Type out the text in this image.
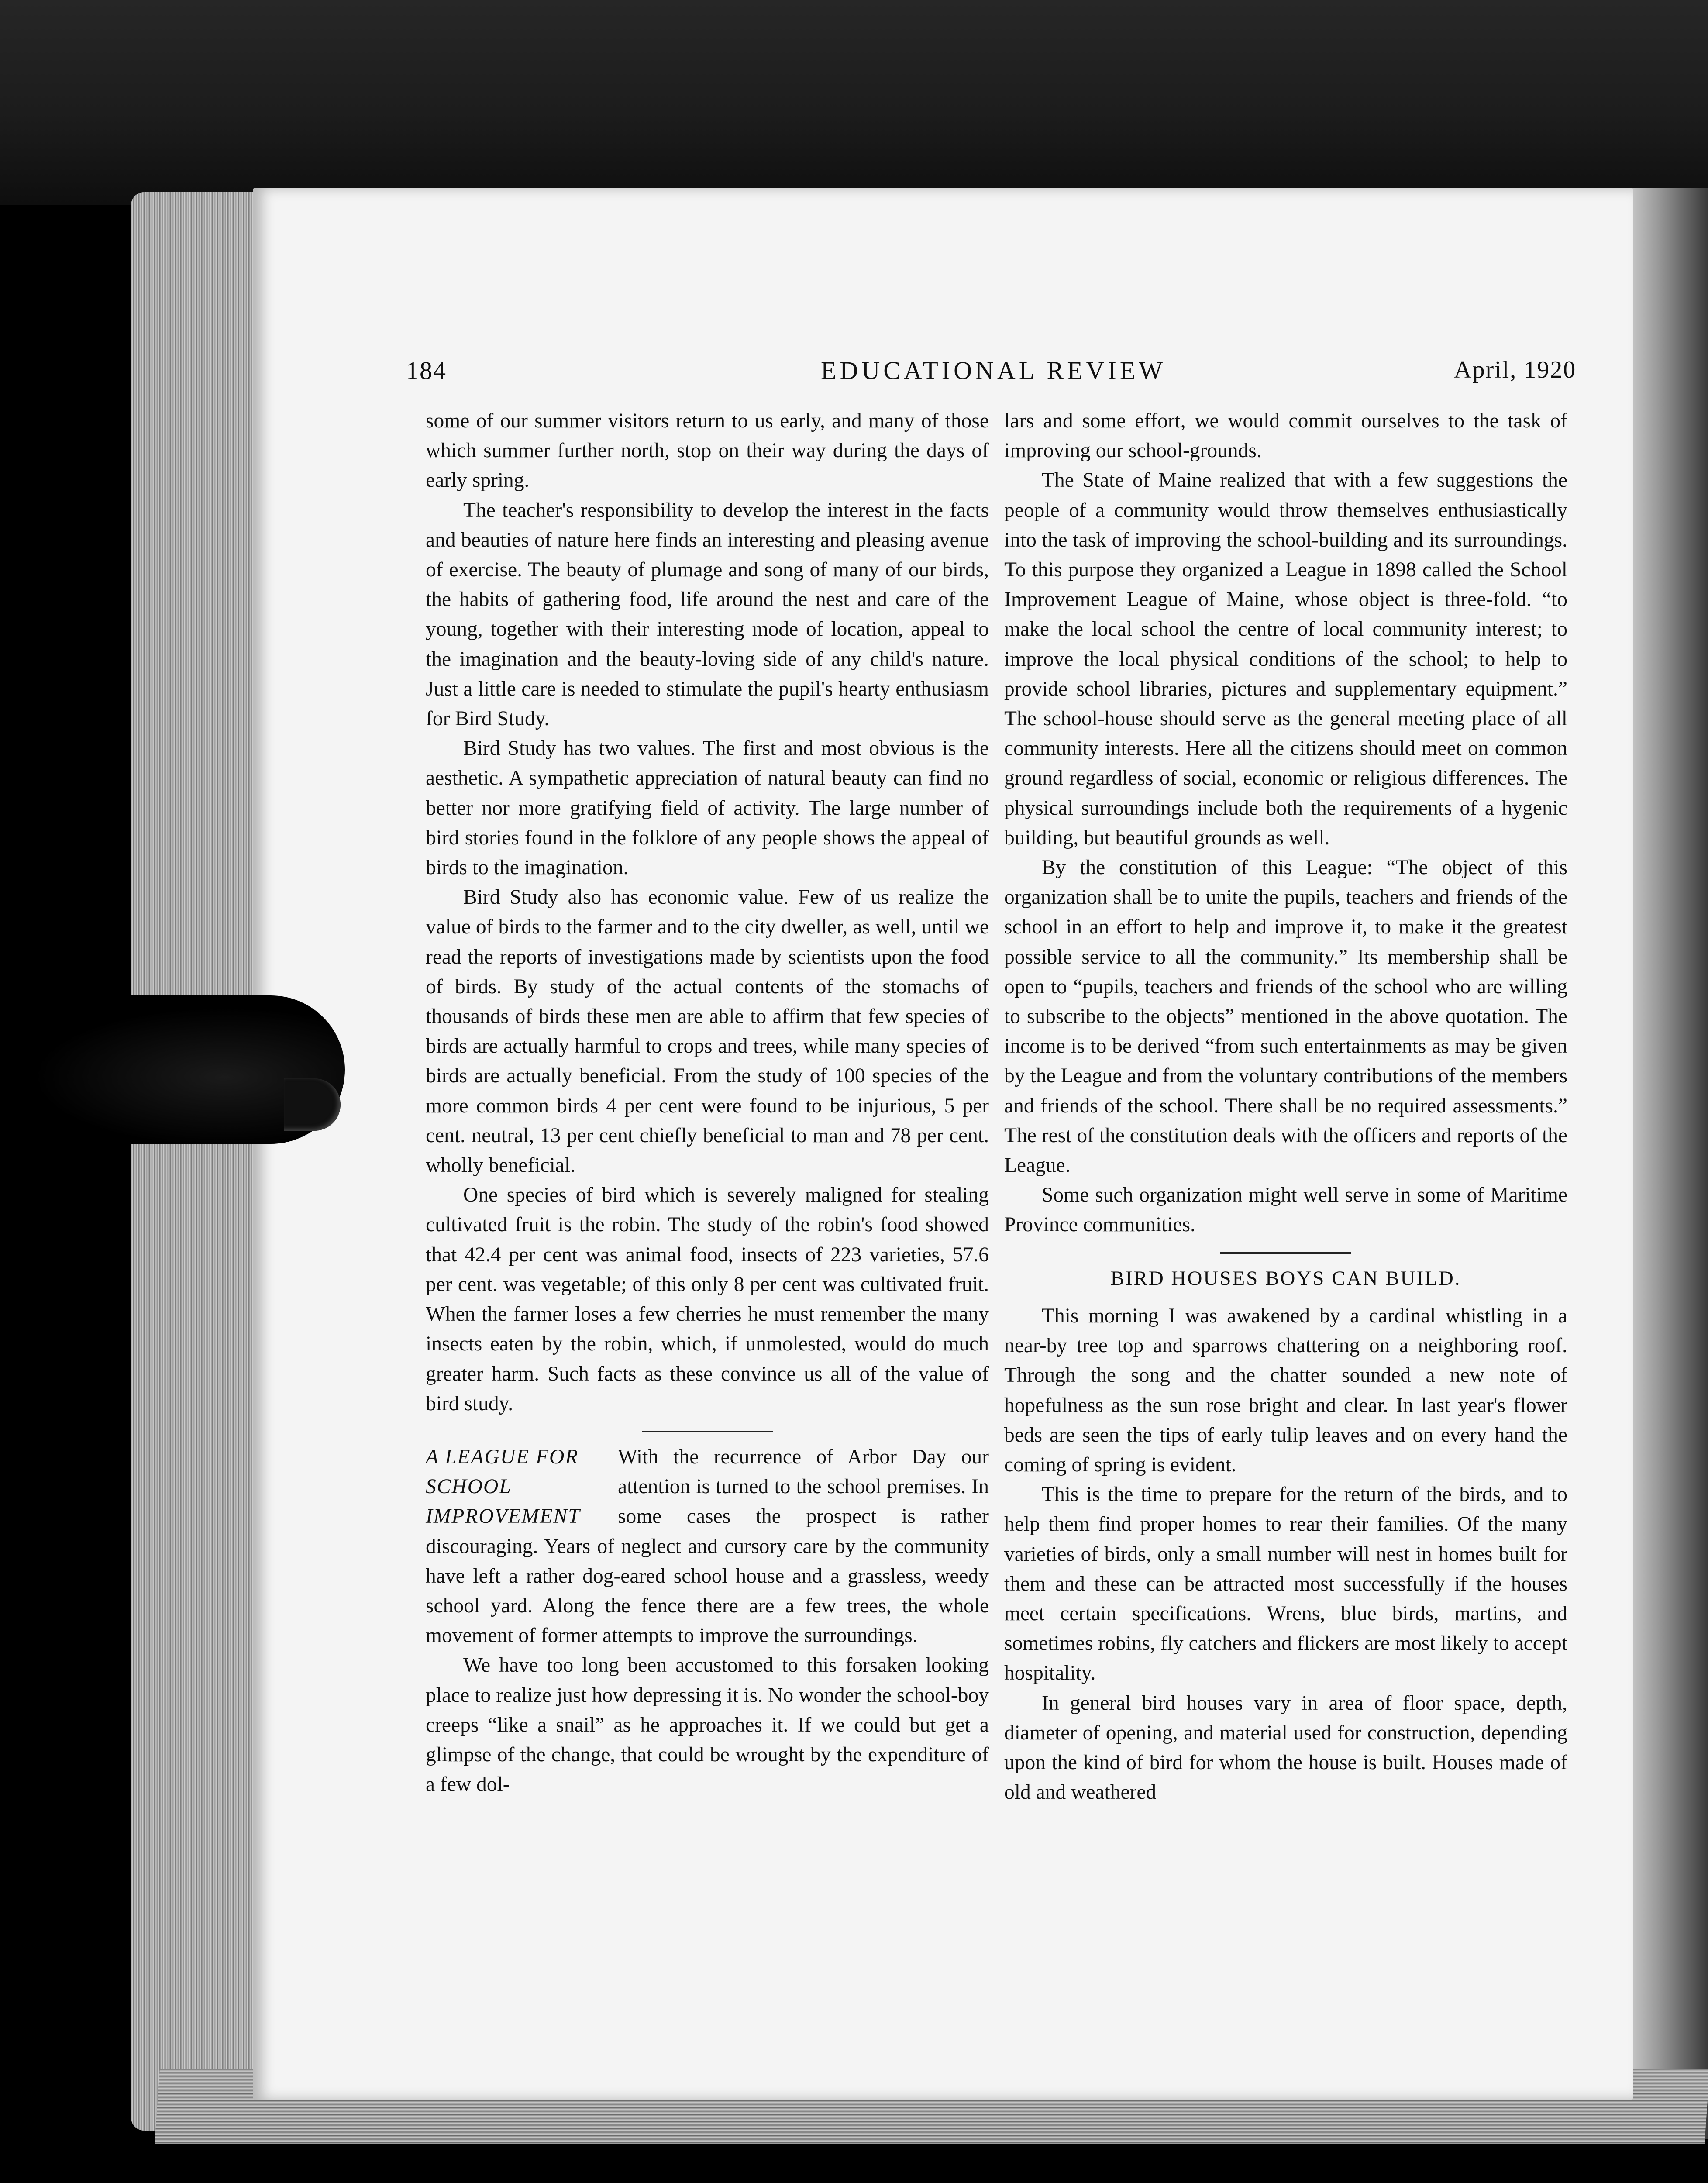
184	EDUCATIONAL REVIEW	April, 1920

some of our summer visitors return to us early, and many of those which summer further north, stop on their way during the days of early spring.

The teacher's responsibility to develop the interest in the facts and beauties of nature here finds an interesting and pleasing avenue of exercise. The beauty of plumage and song of many of our birds, the habits of gathering food, life around the nest and care of the young, together with their interesting mode of location, appeal to the imagination and the beauty-loving side of any child's nature. Just a little care is needed to stimulate the pupil's hearty enthusiasm for Bird Study.

Bird Study has two values. The first and most obvious is the aesthetic. A sympathetic appreciation of natural beauty can find no better nor more gratifying field of activity. The large number of bird stories found in the folklore of any people shows the appeal of birds to the imagination.

Bird Study also has economic value. Few of us realize the value of birds to the farmer and to the city dweller, as well, until we read the reports of investigations made by scientists upon the food of birds. By study of the actual contents of the stomachs of thousands of birds these men are able to affirm that few species of birds are actually harmful to crops and trees, while many species of birds are actually beneficial. From the study of 100 species of the more common birds 4 per cent were found to be injurious, 5 per cent. neutral, 13 per cent chiefly beneficial to man and 78 per cent. wholly beneficial.

One species of bird which is severely maligned for stealing cultivated fruit is the robin. The study of the robin's food showed that 42.4 per cent was animal food, insects of 223 varieties, 57.6 per cent. was vegetable; of this only 8 per cent was cultivated fruit. When the farmer loses a few cherries he must remember the many insects eaten by the robin, which, if unmolested, would do much greater harm. Such facts as these convince us all of the value of bird study.

A LEAGUE FOR SCHOOL IMPROVEMENT

With the recurrence of Arbor Day our attention is turned to the school premises. In some cases the prospect is rather discouraging. Years of neglect and cursory care by the community have left a rather dog-eared school house and a grassless, weedy school yard. Along the fence there are a few trees, the whole movement of former attempts to improve the surroundings.

We have too long been accustomed to this forsaken looking place to realize just how depressing it is. No wonder the school-boy creeps “like a snail” as he approaches it. If we could but get a glimpse of the change, that could be wrought by the expenditure of a few dol-

lars and some effort, we would commit ourselves to the task of improving our school-grounds.

The State of Maine realized that with a few suggestions the people of a community would throw themselves enthusiastically into the task of improving the school-building and its surroundings. To this purpose they organized a League in 1898 called the School Improvement League of Maine, whose object is three-fold. “to make the local school the centre of local community interest; to improve the local physical conditions of the school; to help to provide school libraries, pictures and supplementary equipment.” The school-house should serve as the general meeting place of all community interests. Here all the citizens should meet on common ground regardless of social, economic or religious differences. The physical surroundings include both the requirements of a hygenic building, but beautiful grounds as well.

By the constitution of this League: “The object of this organization shall be to unite the pupils, teachers and friends of the school in an effort to help and improve it, to make it the greatest possible service to all the community.” Its membership shall be open to “pupils, teachers and friends of the school who are willing to subscribe to the objects” mentioned in the above quotation. The income is to be derived “from such entertainments as may be given by the League and from the voluntary contributions of the members and friends of the school. There shall be no required assessments.” The rest of the constitution deals with the officers and reports of the League.

Some such organization might well serve in some of Maritime Province communities.

BIRD HOUSES BOYS CAN BUILD.

This morning I was awakened by a cardinal whistling in a near-by tree top and sparrows chattering on a neighboring roof. Through the song and the chatter sounded a new note of hopefulness as the sun rose bright and clear. In last year's flower beds are seen the tips of early tulip leaves and on every hand the coming of spring is evident.

This is the time to prepare for the return of the birds, and to help them find proper homes to rear their families. Of the many varieties of birds, only a small number will nest in homes built for them and these can be attracted most successfully if the houses meet certain specifications. Wrens, blue birds, martins, and sometimes robins, fly catchers and flickers are most likely to accept hospitality.

In general bird houses vary in area of floor space, depth, diameter of opening, and material used for construction, depending upon the kind of bird for whom the house is built. Houses made of old and weathered
